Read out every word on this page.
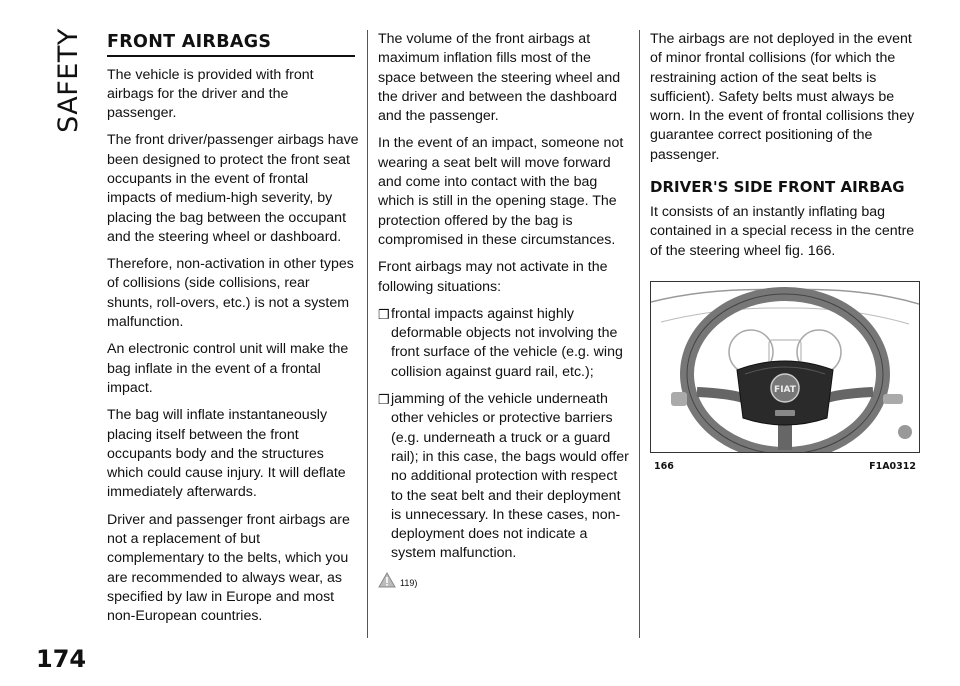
SAFETY
174
FRONT AIRBAGS

The vehicle is provided with front airbags for the driver and the passenger.

The front driver/passenger airbags have been designed to protect the front seat occupants in the event of frontal impacts of medium-high severity, by placing the bag between the occupant and the steering wheel or dashboard.

Therefore, non-activation in other types of collisions (side collisions, rear shunts, roll-overs, etc.) is not a system malfunction.

An electronic control unit will make the bag inflate in the event of a frontal impact.

The bag will inflate instantaneously placing itself between the front occupants body and the structures which could cause injury. It will deflate immediately afterwards.

Driver and passenger front airbags are not a replacement of but complementary to the belts, which you are recommended to always wear, as specified by law in Europe and most non-European countries.

The volume of the front airbags at maximum inflation fills most of the space between the steering wheel and the driver and between the dashboard and the passenger.

In the event of an impact, someone not wearing a seat belt will move forward and come into contact with the bag which is still in the opening stage. The protection offered by the bag is compromised in these circumstances.

Front airbags may not activate in the following situations:

❒ frontal impacts against highly deformable objects not involving the front surface of the vehicle (e.g. wing collision against guard rail, etc.);
❒ jamming of the vehicle underneath other vehicles or protective barriers (e.g. underneath a truck or a guard rail); in this case, the bags would offer no additional protection with respect to the seat belt and their deployment is unnecessary. In these cases, non-deployment does not indicate a system malfunction.
119)

The airbags are not deployed in the event of minor frontal collisions (for which the restraining action of the seat belts is sufficient). Safety belts must always be worn. In the event of frontal collisions they guarantee correct positioning of the passenger.

DRIVER'S SIDE FRONT AIRBAG

It consists of an instantly inflating bag contained in a special recess in the centre of the steering wheel fig. 166.

FIAT
166	F1A0312
